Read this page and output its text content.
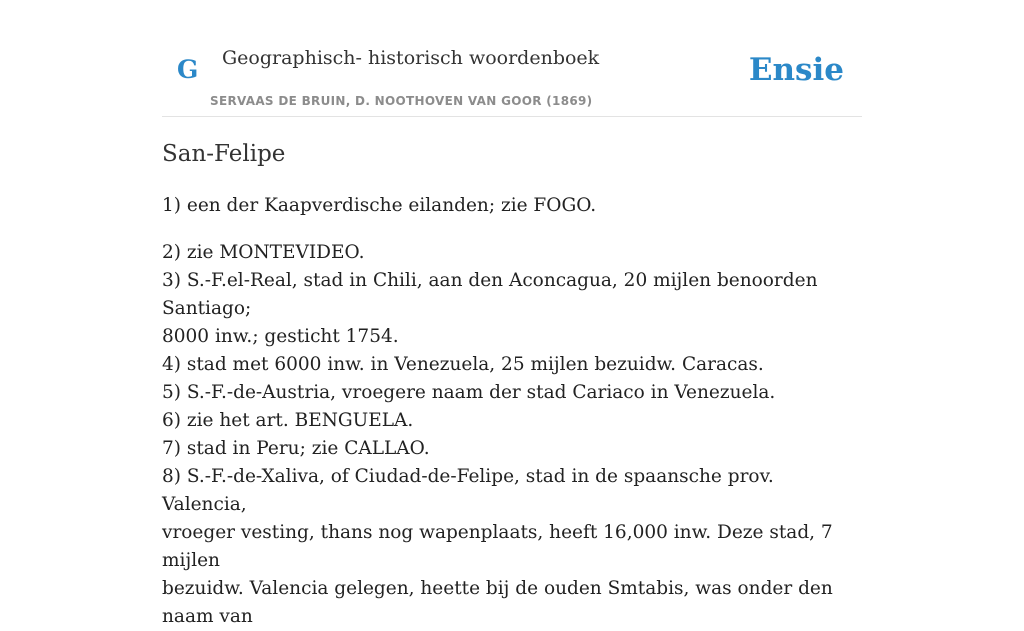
G Geographisch- historisch woordenboek
SERVAAS DE BRUIN, D. NOOTHOVEN VAN GOOR (1869)
Ensie
San-Felipe

1) een der Kaapverdische eilanden; zie FOGO.

2) zie MONTEVIDEO.
3) S.-F.el-Real, stad in Chili, aan den Aconcagua, 20 mijlen benoorden Santiago;
8000 inw.; gesticht 1754.
4) stad met 6000 inw. in Venezuela, 25 mijlen bezuidw. Caracas.
5) S.-F.-de-Austria, vroegere naam der stad Cariaco in Venezuela.
6) zie het art. BENGUELA.
7) stad in Peru; zie CALLAO.
8) S.-F.-de-Xaliva, of Ciudad-de-Felipe, stad in de spaansche prov. Valencia,
vroeger vesting, thans nog wapenplaats, heeft 16,000 inw. Deze stad, 7 mijlen
bezuidw. Valencia gelegen, heette bij de ouden Smtabis, was onder den naam van
